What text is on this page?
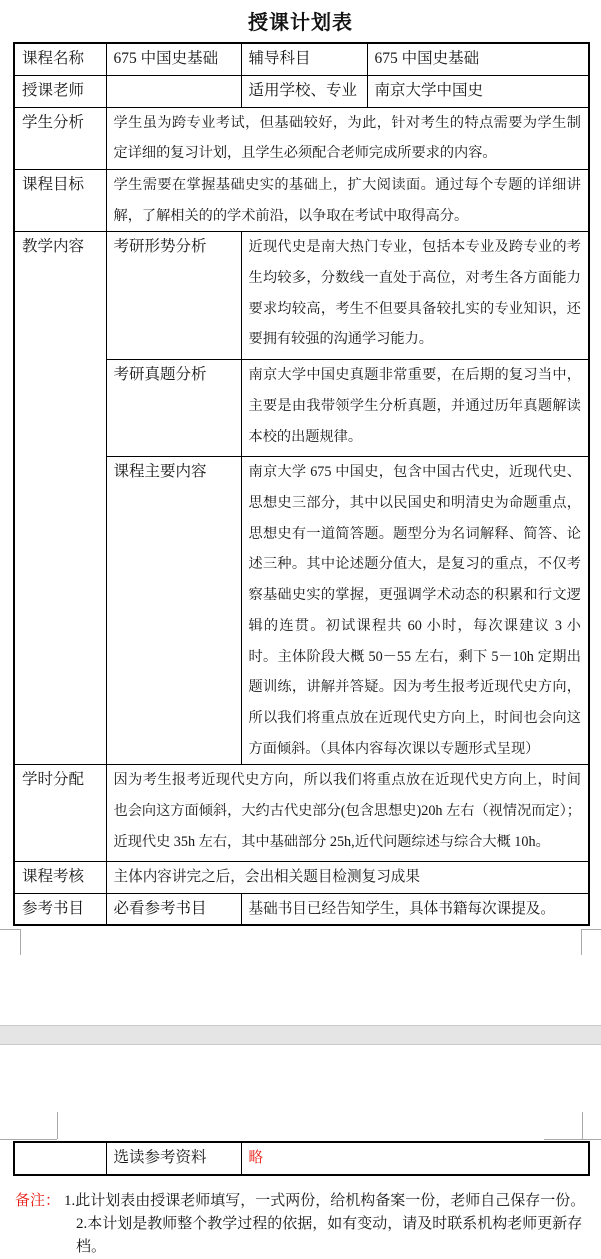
授课计划表
课程名称	675 中国史基础	辅导科目	675 中国史基础
授课老师		适用学校、专业	南京大学中国史
学生分析	学生虽为跨专业考试，但基础较好，为此，针对考生的特点需要为学生制定详细的复习计划，且学生必须配合老师完成所要求的内容。		
课程目标	学生需要在掌握基础史实的基础上，扩大阅读面。通过每个专题的详细讲解，了解相关的的学术前沿，以争取在考试中取得高分。		
教学内容	考研形势分析	近现代史是南大热门专业，包括本专业及跨专业的考生均较多，分数线一直处于高位，对考生各方面能力要求均较高，考生不但要具备较扎实的专业知识，还要拥有较强的沟通学习能力。	
	考研真题分析	南京大学中国史真题非常重要，在后期的复习当中，主要是由我带领学生分析真题，并通过历年真题解读本校的出题规律。	
	课程主要内容	南京大学 675 中国史，包含中国古代史，近现代史、思想史三部分，其中以民国史和明清史为命题重点，思想史有一道简答题。题型分为名词解释、简答、论述三种。其中论述题分值大，是复习的重点，不仅考察基础史实的掌握，更强调学术动态的积累和行文逻辑的连贯。初试课程共 60 小时，每次课建议 3 小时。主体阶段大概 50－55 左右，剩下 5－10h 定期出题训练，讲解并答疑。因为考生报考近现代史方向，所以我们将重点放在近现代史方向上，时间也会向这方面倾斜。（具体内容每次课以专题形式呈现）	
学时分配	因为考生报考近现代史方向，所以我们将重点放在近现代史方向上，时间也会向这方面倾斜，大约古代史部分(包含思想史)20h 左右（视情况而定）；近现代史 35h 左右，其中基础部分 25h,近代问题综述与综合大概 10h。		
课程考核	主体内容讲完之后，会出相关题目检测复习成果		
参考书目	必看参考书目	基础书目已经告知学生，具体书籍每次课提及。	
	选读参考资料	略
备注： 1.此计划表由授课老师填写，一式两份，给机构备案一份，老师自己保存一份。
2.本计划是教师整个教学过程的依据，如有变动，请及时联系机构老师更新存档。
